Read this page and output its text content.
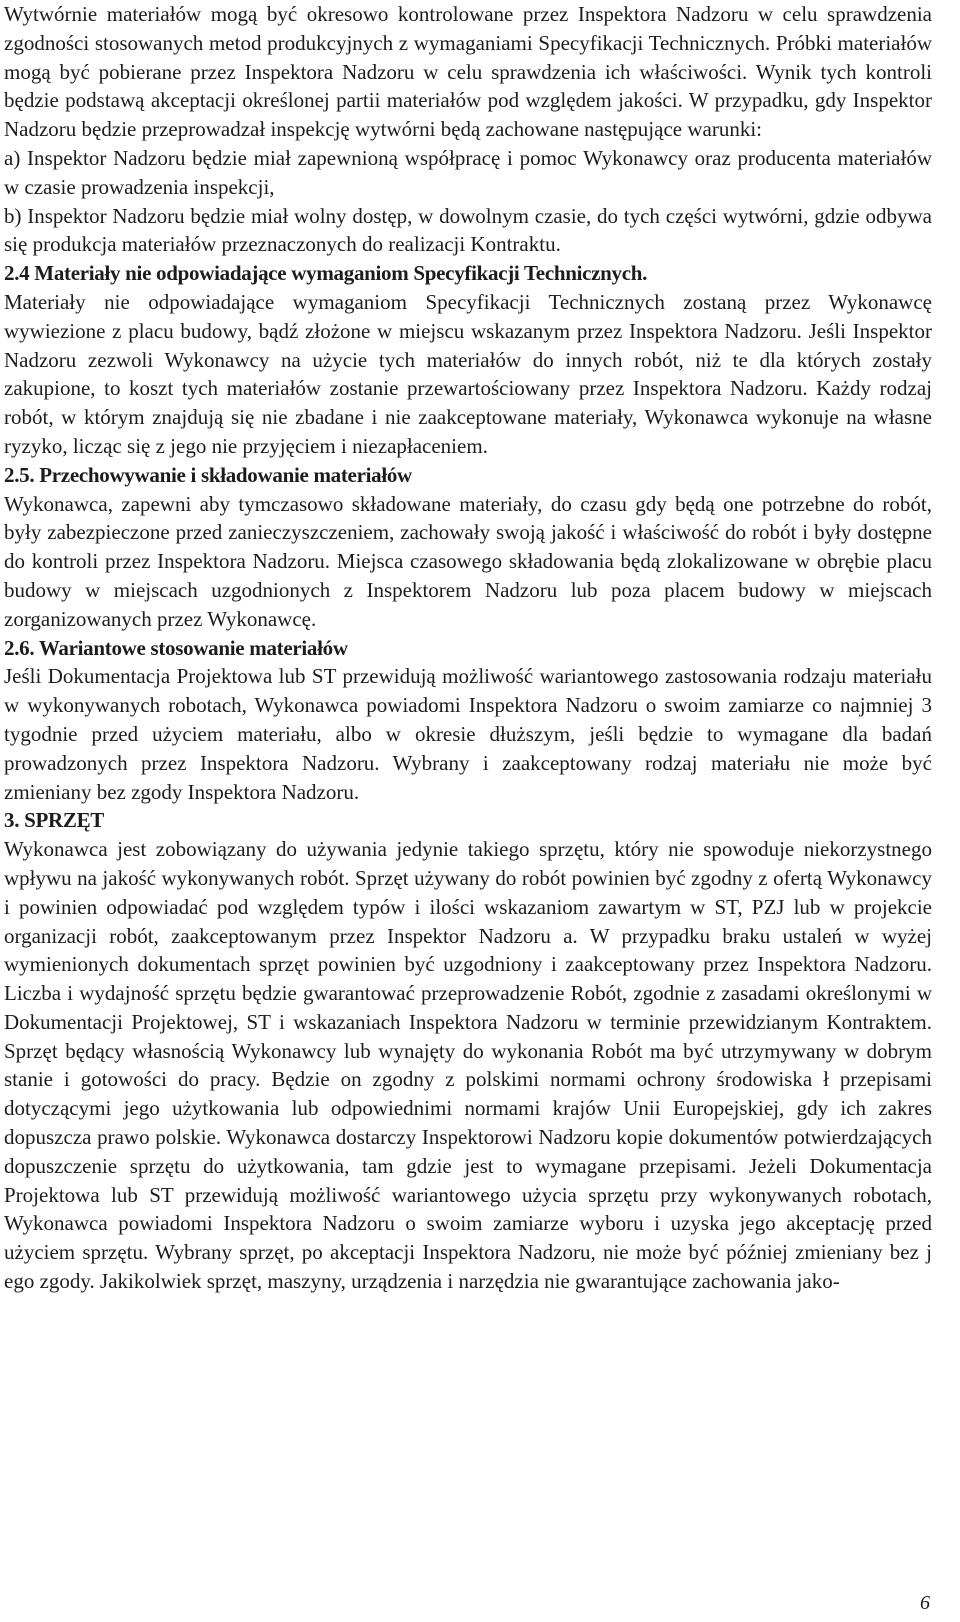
Wytwórnie materiałów mogą być okresowo kontrolowane przez Inspektora Nadzoru w celu sprawdzenia zgodności stosowanych metod produkcyjnych z wymaganiami Specyfikacji Technicznych. Próbki materiałów mogą być pobierane przez Inspektora Nadzoru w celu sprawdzenia ich właściwości. Wynik tych kontroli będzie podstawą akceptacji określonej partii materiałów pod względem jakości. W przypadku, gdy Inspektor Nadzoru będzie przeprowadzał inspekcję wytwórni będą zachowane następujące warunki:

a) Inspektor Nadzoru będzie miał zapewnioną współpracę i pomoc Wykonawcy oraz producenta materiałów w czasie prowadzenia inspekcji,

b) Inspektor Nadzoru będzie miał wolny dostęp, w dowolnym czasie, do tych części wytwórni, gdzie odbywa się produkcja materiałów przeznaczonych do realizacji Kontraktu.

2.4 Materiały nie odpowiadające wymaganiom Specyfikacji Technicznych.

Materiały nie odpowiadające wymaganiom Specyfikacji Technicznych zostaną przez Wykonawcę wywiezione z placu budowy, bądź złożone w miejscu wskazanym przez Inspektora Nadzoru. Jeśli Inspektor Nadzoru zezwoli Wykonawcy na użycie tych materiałów do innych robót, niż te dla których zostały zakupione, to koszt tych materiałów zostanie przewartościowany przez Inspektora Nadzoru. Każdy rodzaj robót, w którym znajdują się nie zbadane i nie zaakceptowane materiały, Wykonawca wykonuje na własne ryzyko, licząc się z jego nie przyjęciem i niezapłaceniem.

2.5. Przechowywanie i składowanie materiałów

Wykonawca, zapewni aby tymczasowo składowane materiały, do czasu gdy będą one potrzebne do robót, były zabezpieczone przed zanieczyszczeniem, zachowały swoją jakość i właściwość do robót i były dostępne do kontroli przez Inspektora Nadzoru. Miejsca czasowego składowania będą zlokalizowane w obrębie placu budowy w miejscach uzgodnionych z Inspektorem Nadzoru lub poza placem budowy w miejscach zorganizowanych przez Wykonawcę.

2.6. Wariantowe stosowanie materiałów

Jeśli Dokumentacja Projektowa lub ST przewidują możliwość wariantowego zastosowania rodzaju materiału w wykonywanych robotach, Wykonawca powiadomi Inspektora Nadzoru o swoim zamiarze co najmniej 3 tygodnie przed użyciem materiału, albo w okresie dłuższym, jeśli będzie to wymagane dla badań prowadzonych przez Inspektora Nadzoru. Wybrany i zaakceptowany rodzaj materiału nie może być zmieniany bez zgody Inspektora Nadzoru.

3. SPRZĘT

Wykonawca jest zobowiązany do używania jedynie takiego sprzętu, który nie spowoduje niekorzystnego wpływu na jakość wykonywanych robót. Sprzęt używany do robót powinien być zgodny z ofertą Wykonawcy i powinien odpowiadać pod względem typów i ilości wskazaniom zawartym w ST, PZJ lub w projekcie organizacji robót, zaakceptowanym przez Inspektor Nadzoru a. W przypadku braku ustaleń w wyżej wymienionych dokumentach sprzęt powinien być uzgodniony i zaakceptowany przez Inspektora Nadzoru. Liczba i wydajność sprzętu będzie gwarantować przeprowadzenie Robót, zgodnie z zasadami określonymi w Dokumentacji Projektowej, ST i wskazaniach Inspektora Nadzoru w terminie przewidzianym Kontraktem. Sprzęt będący własnością Wykonawcy lub wynajęty do wykonania Robót ma być utrzymywany w dobrym stanie i gotowości do pracy. Będzie on zgodny z polskimi normami ochrony środowiska ł przepisami dotyczącymi jego użytkowania lub odpowiednimi normami krajów Unii Europejskiej, gdy ich zakres dopuszcza prawo polskie. Wykonawca dostarczy Inspektorowi Nadzoru kopie dokumentów potwierdzających dopuszczenie sprzętu do użytkowania, tam gdzie jest to wymagane przepisami. Jeżeli Dokumentacja Projektowa lub ST przewidują możliwość wariantowego użycia sprzętu przy wykonywanych robotach, Wykonawca powiadomi Inspektora Nadzoru o swoim zamiarze wyboru i uzyska jego akceptację przed użyciem sprzętu. Wybrany sprzęt, po akceptacji Inspektora Nadzoru, nie może być później zmieniany bez j ego zgody. Jakikolwiek sprzęt, maszyny, urządzenia i narzędzia nie gwarantujące zachowania jako-

6
